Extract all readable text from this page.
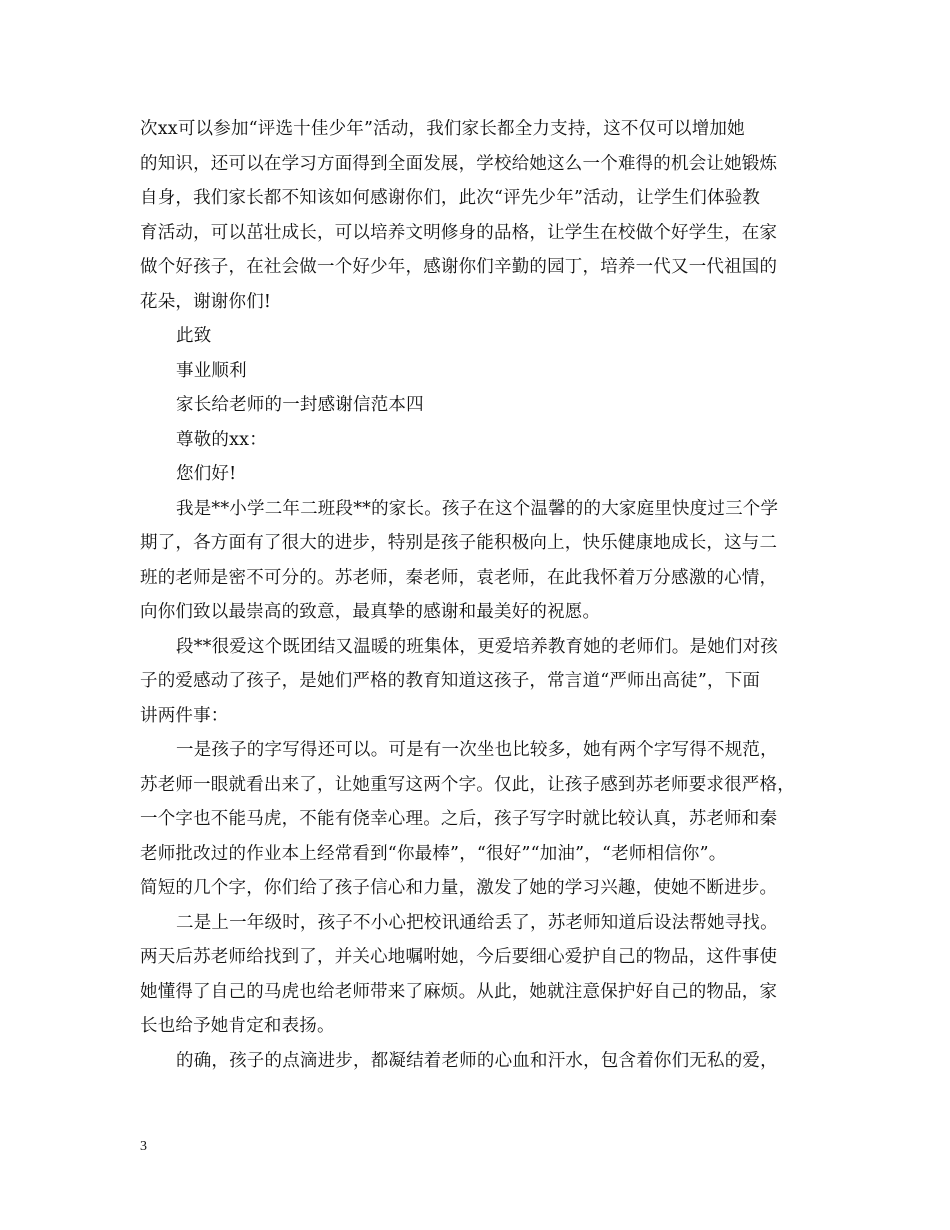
次xx可以参加“评选十佳少年”活动，我们家长都全力支持，这不仅可以增加她
的知识，还可以在学习方面得到全面发展，学校给她这么一个难得的机会让她锻炼
自身，我们家长都不知该如何感谢你们，此次“评先少年”活动，让学生们体验教
育活动，可以茁壮成长，可以培养文明修身的品格，让学生在校做个好学生，在家
做个好孩子，在社会做一个好少年，感谢你们辛勤的园丁，培养一代又一代祖国的
花朵，谢谢你们!
此致
事业顺利
家长给老师的一封感谢信范本四
尊敬的xx：
您们好!
我是**小学二年二班段**的家长。孩子在这个温馨的的大家庭里快度过三个学
期了，各方面有了很大的进步，特别是孩子能积极向上，快乐健康地成长，这与二
班的老师是密不可分的。苏老师，秦老师，袁老师，在此我怀着万分感激的心情，
向你们致以最崇高的致意，最真挚的感谢和最美好的祝愿。
段**很爱这个既团结又温暖的班集体，更爱培养教育她的老师们。是她们对孩
子的爱感动了孩子，是她们严格的教育知道这孩子，常言道“严师出高徒”，下面
讲两件事：
一是孩子的字写得还可以。可是有一次坐也比较多，她有两个字写得不规范，
苏老师一眼就看出来了，让她重写这两个字。仅此，让孩子感到苏老师要求很严格，
一个字也不能马虎，不能有侥幸心理。之后，孩子写字时就比较认真，苏老师和秦
老师批改过的作业本上经常看到“你最棒”，“很好”“加油”，“老师相信你”。
简短的几个字，你们给了孩子信心和力量，激发了她的学习兴趣，使她不断进步。
二是上一年级时，孩子不小心把校讯通给丢了，苏老师知道后设法帮她寻找。
两天后苏老师给找到了，并关心地嘱咐她，今后要细心爱护自己的物品，这件事使
她懂得了自己的马虎也给老师带来了麻烦。从此，她就注意保护好自己的物品，家
长也给予她肯定和表扬。
的确，孩子的点滴进步，都凝结着老师的心血和汗水，包含着你们无私的爱，
3
